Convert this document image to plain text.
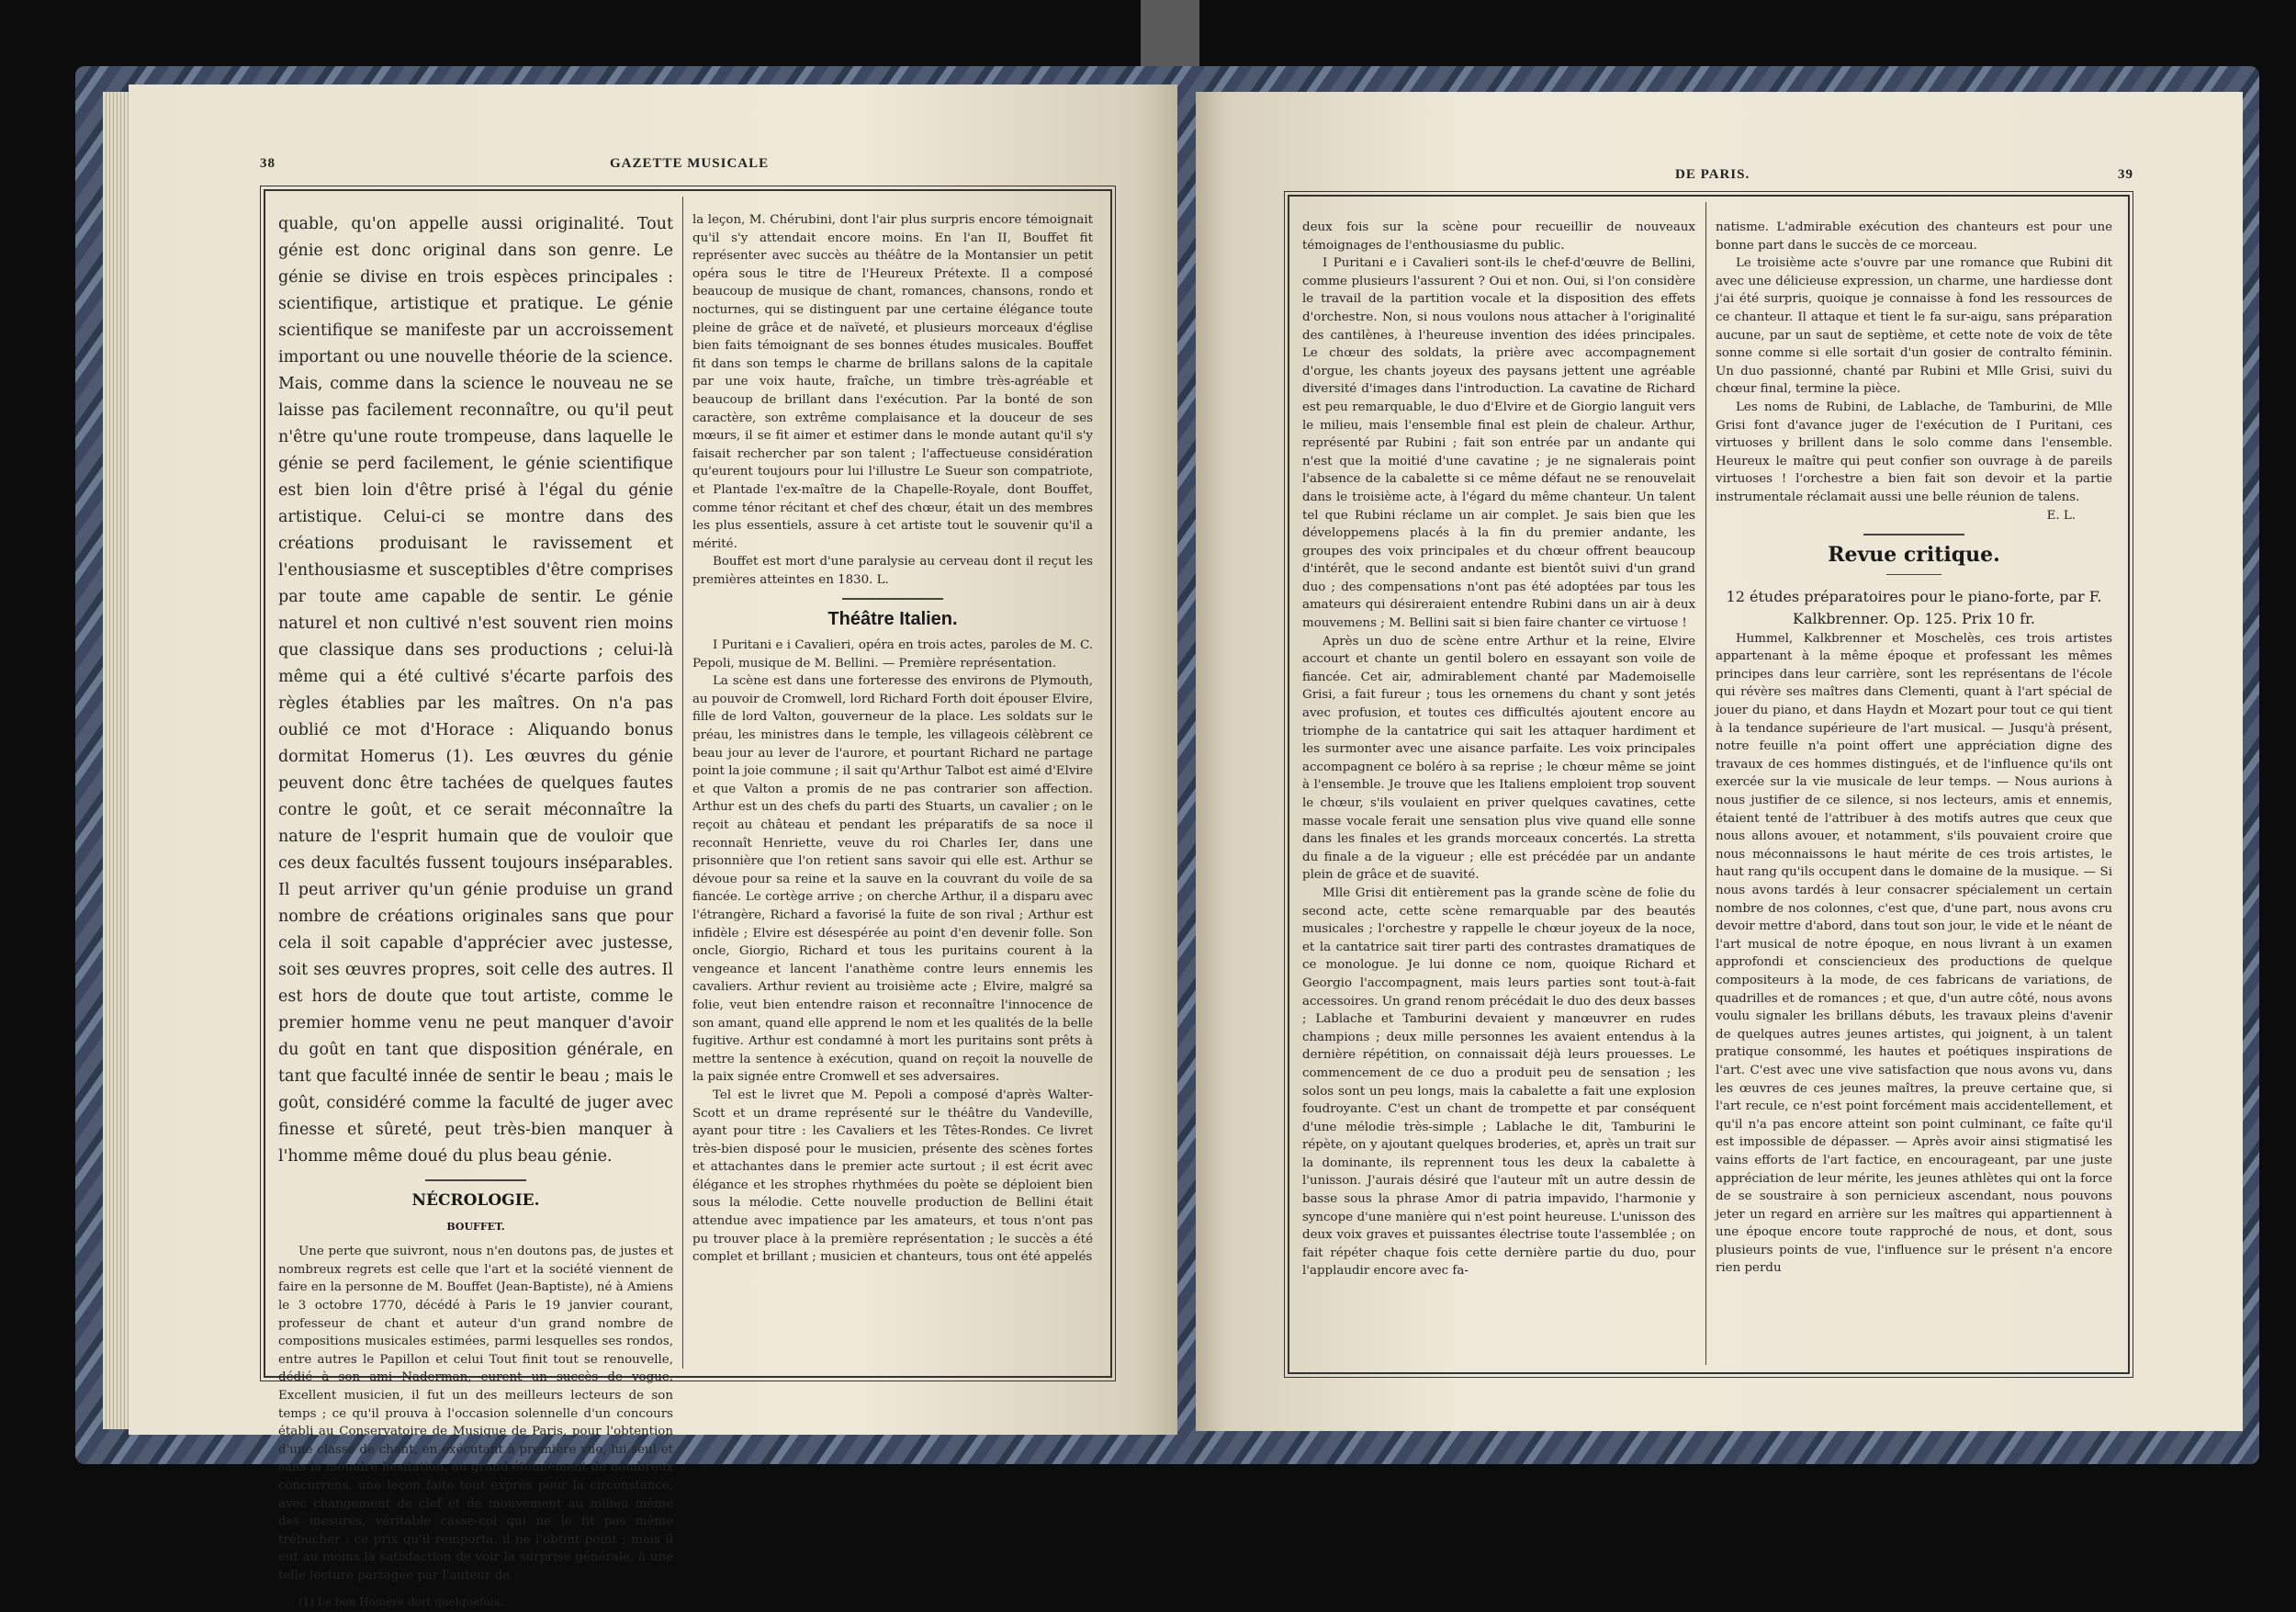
38	GAZETTE MUSICALE
quable, qu'on appelle aussi originalité. Tout génie est donc original dans son genre. Le génie se divise en trois espèces principales : scientifique, artistique et pratique. Le génie scientifique se manifeste par un accroissement important ou une nouvelle théorie de la science. Mais, comme dans la science le nouveau ne se laisse pas facilement reconnaître, ou qu'il peut n'être qu'une route trompeuse, dans laquelle le génie se perd facilement, le génie scientifique est bien loin d'être prisé à l'égal du génie artistique. Celui-ci se montre dans des créations produisant le ravissement et l'enthousiasme et susceptibles d'être comprises par toute ame capable de sentir. Le génie naturel et non cultivé n'est souvent rien moins que classique dans ses productions ; celui-là même qui a été cultivé s'écarte parfois des règles établies par les maîtres. On n'a pas oublié ce mot d'Horace : Aliquando bonus dormitat Homerus (1). Les œuvres du génie peuvent donc être tachées de quelques fautes contre le goût, et ce serait méconnaître la nature de l'esprit humain que de vouloir que ces deux facultés fussent toujours inséparables. Il peut arriver qu'un génie produise un grand nombre de créations originales sans que pour cela il soit capable d'apprécier avec justesse, soit ses œuvres propres, soit celle des autres. Il est hors de doute que tout artiste, comme le premier homme venu ne peut manquer d'avoir du goût en tant que disposition générale, en tant que faculté innée de sentir le beau ; mais le goût, considéré comme la faculté de juger avec finesse et sûreté, peut très-bien manquer à l'homme même doué du plus beau génie.
NÉCROLOGIE.
BOUFFET.

Une perte que suivront, nous n'en doutons pas, de justes et nombreux regrets est celle que l'art et la société viennent de faire en la personne de M. Bouffet (Jean-Baptiste), né à Amiens le 3 octobre 1770, décédé à Paris le 19 janvier courant, professeur de chant et auteur d'un grand nombre de compositions musicales estimées, parmi lesquelles ses rondos, entre autres le Papillon et celui Tout finit tout se renouvelle, dédié à son ami Naderman, eurent un succès de vogue. Excellent musicien, il fut un des meilleurs lecteurs de son temps ; ce qu'il prouva à l'occasion solennelle d'un concours établi au Conservatoire de Musique de Paris, pour l'obtention d'une classe de chant, en exécutant à première vue, lui seul et sans la moindre hésitation, au grand étonnement de nombreux concurrens, une leçon faite tout exprès pour la circonstance, avec changement de clef et de mouvement au milieu même des mesures, véritable casse-col qui ne le fit pas même trébucher : ce prix qu'il remporta, il ne l'obtint point ; mais il eut au moins la satisfaction de voir la surprise générale, à une telle lecture partagée par l'auteur de

(1) Le bon Homère dort quelquefois.

la leçon, M. Chérubini, dont l'air plus surpris encore témoignait qu'il s'y attendait encore moins. En l'an II, Bouffet fit représenter avec succès au théâtre de la Montansier un petit opéra sous le titre de l'Heureux Prétexte. Il a composé beaucoup de musique de chant, romances, chansons, rondo et nocturnes, qui se distinguent par une certaine élégance toute pleine de grâce et de naïveté, et plusieurs morceaux d'église bien faits témoignant de ses bonnes études musicales. Bouffet fit dans son temps le charme de brillans salons de la capitale par une voix haute, fraîche, un timbre très-agréable et beaucoup de brillant dans l'exécution. Par la bonté de son caractère, son extrême complaisance et la douceur de ses mœurs, il se fit aimer et estimer dans le monde autant qu'il s'y faisait rechercher par son talent ; l'affectueuse considération qu'eurent toujours pour lui l'illustre Le Sueur son compatriote, et Plantade l'ex-maître de la Chapelle-Royale, dont Bouffet, comme ténor récitant et chef des chœur, était un des membres les plus essentiels, assure à cet artiste tout le souvenir qu'il a mérité.

Bouffet est mort d'une paralysie au cerveau dont il reçut les premières atteintes en 1830. L.

Théâtre Italien.

I Puritani e i Cavalieri, opéra en trois actes, paroles de M. C. Pepoli, musique de M. Bellini. — Première représentation.

La scène est dans une forteresse des environs de Plymouth, au pouvoir de Cromwell, lord Richard Forth doit épouser Elvire, fille de lord Valton, gouverneur de la place. Les soldats sur le préau, les ministres dans le temple, les villageois célèbrent ce beau jour au lever de l'aurore, et pourtant Richard ne partage point la joie commune ; il sait qu'Arthur Talbot est aimé d'Elvire et que Valton a promis de ne pas contrarier son affection. Arthur est un des chefs du parti des Stuarts, un cavalier ; on le reçoit au château et pendant les préparatifs de sa noce il reconnaît Henriette, veuve du roi Charles Ier, dans une prisonnière que l'on retient sans savoir qui elle est. Arthur se dévoue pour sa reine et la sauve en la couvrant du voile de sa fiancée. Le cortège arrive ; on cherche Arthur, il a disparu avec l'étrangère, Richard a favorisé la fuite de son rival ; Arthur est infidèle ; Elvire est désespérée au point d'en devenir folle. Son oncle, Giorgio, Richard et tous les puritains courent à la vengeance et lancent l'anathème contre leurs ennemis les cavaliers. Arthur revient au troisième acte ; Elvire, malgré sa folie, veut bien entendre raison et reconnaître l'innocence de son amant, quand elle apprend le nom et les qualités de la belle fugitive. Arthur est condamné à mort les puritains sont prêts à mettre la sentence à exécution, quand on reçoit la nouvelle de la paix signée entre Cromwell et ses adversaires.

Tel est le livret que M. Pepoli a composé d'après Walter-Scott et un drame représenté sur le théâtre du Vandeville, ayant pour titre : les Cavaliers et les Têtes-Rondes. Ce livret très-bien disposé pour le musicien, présente des scènes fortes et attachantes dans le premier acte surtout ; il est écrit avec élégance et les strophes rhythmées du poète se déploient bien sous la mélodie. Cette nouvelle production de Bellini était attendue avec impatience par les amateurs, et tous n'ont pas pu trouver place à la première représentation ; le succès a été complet et brillant ; musicien et chanteurs, tous ont été appelés

DE PARIS.	39

deux fois sur la scène pour recueillir de nouveaux témoignages de l'enthousiasme du public.

I Puritani e i Cavalieri sont-ils le chef-d'œuvre de Bellini, comme plusieurs l'assurent ? Oui et non. Oui, si l'on considère le travail de la partition vocale et la disposition des effets d'orchestre. Non, si nous voulons nous attacher à l'originalité des cantilènes, à l'heureuse invention des idées principales. Le chœur des soldats, la prière avec accompagnement d'orgue, les chants joyeux des paysans jettent une agréable diversité d'images dans l'introduction. La cavatine de Richard est peu remarquable, le duo d'Elvire et de Giorgio languit vers le milieu, mais l'ensemble final est plein de chaleur. Arthur, représenté par Rubini ; fait son entrée par un andante qui n'est que la moitié d'une cavatine ; je ne signalerais point l'absence de la cabalette si ce même défaut ne se renouvelait dans le troisième acte, à l'égard du même chanteur. Un talent tel que Rubini réclame un air complet. Je sais bien que les développemens placés à la fin du premier andante, les groupes des voix principales et du chœur offrent beaucoup d'intérêt, que le second andante est bientôt suivi d'un grand duo ; des compensations n'ont pas été adoptées par tous les amateurs qui désireraient entendre Rubini dans un air à deux mouvemens ; M. Bellini sait si bien faire chanter ce virtuose !

Après un duo de scène entre Arthur et la reine, Elvire accourt et chante un gentil bolero en essayant son voile de fiancée. Cet air, admirablement chanté par Mademoiselle Grisi, a fait fureur ; tous les ornemens du chant y sont jetés avec profusion, et toutes ces difficultés ajoutent encore au triomphe de la cantatrice qui sait les attaquer hardiment et les surmonter avec une aisance parfaite. Les voix principales accompagnent ce boléro à sa reprise ; le chœur même se joint à l'ensemble. Je trouve que les Italiens emploient trop souvent le chœur, s'ils voulaient en priver quelques cavatines, cette masse vocale ferait une sensation plus vive quand elle sonne dans les finales et les grands morceaux concertés. La stretta du finale a de la vigueur ; elle est précédée par un andante plein de grâce et de suavité.

Mlle Grisi dit entièrement pas la grande scène de folie du second acte, cette scène remarquable par des beautés musicales ; l'orchestre y rappelle le chœur joyeux de la noce, et la cantatrice sait tirer parti des contrastes dramatiques de ce monologue. Je lui donne ce nom, quoique Richard et Georgio l'accompagnent, mais leurs parties sont tout-à-fait accessoires. Un grand renom précédait le duo des deux basses ; Lablache et Tamburini devaient y manœuvrer en rudes champions ; deux mille personnes les avaient entendus à la dernière répétition, on connaissait déjà leurs prouesses. Le commencement de ce duo a produit peu de sensation ; les solos sont un peu longs, mais la cabalette a fait une explosion foudroyante. C'est un chant de trompette et par conséquent d'une mélodie très-simple ; Lablache le dit, Tamburini le répète, on y ajoutant quelques broderies, et, après un trait sur la dominante, ils reprennent tous les deux la cabalette à l'unisson. J'aurais désiré que l'auteur mît un autre dessin de basse sous la phrase Amor di patria impavido, l'harmonie y syncope d'une manière qui n'est point heureuse. L'unisson des deux voix graves et puissantes électrise toute l'assemblée ; on fait répéter chaque fois cette dernière partie du duo, pour l'applaudir encore avec fa-

natisme. L'admirable exécution des chanteurs est pour une bonne part dans le succès de ce morceau.

Le troisième acte s'ouvre par une romance que Rubini dit avec une délicieuse expression, un charme, une hardiesse dont j'ai été surpris, quoique je connaisse à fond les ressources de ce chanteur. Il attaque et tient le fa sur-aigu, sans préparation aucune, par un saut de septième, et cette note de voix de tête sonne comme si elle sortait d'un gosier de contralto féminin. Un duo passionné, chanté par Rubini et Mlle Grisi, suivi du chœur final, termine la pièce.

Les noms de Rubini, de Lablache, de Tamburini, de Mlle Grisi font d'avance juger de l'exécution de I Puritani, ces virtuoses y brillent dans le solo comme dans l'ensemble. Heureux le maître qui peut confier son ouvrage à de pareils virtuoses ! l'orchestre a bien fait son devoir et la partie instrumentale réclamait aussi une belle réunion de talens.

E. L.
Revue critique.

12 études préparatoires pour le piano-forte, par F. Kalkbrenner. Op. 125. Prix 10 fr.

Hummel, Kalkbrenner et Moschelès, ces trois artistes appartenant à la même époque et professant les mêmes principes dans leur carrière, sont les représentans de l'école qui révère ses maîtres dans Clementi, quant à l'art spécial de jouer du piano, et dans Haydn et Mozart pour tout ce qui tient à la tendance supérieure de l'art musical. — Jusqu'à présent, notre feuille n'a point offert une appréciation digne des travaux de ces hommes distingués, et de l'influence qu'ils ont exercée sur la vie musicale de leur temps. — Nous aurions à nous justifier de ce silence, si nos lecteurs, amis et ennemis, étaient tenté de l'attribuer à des motifs autres que ceux que nous allons avouer, et notamment, s'ils pouvaient croire que nous méconnaissons le haut mérite de ces trois artistes, le haut rang qu'ils occupent dans le domaine de la musique. — Si nous avons tardés à leur consacrer spécialement un certain nombre de nos colonnes, c'est que, d'une part, nous avons cru devoir mettre d'abord, dans tout son jour, le vide et le néant de l'art musical de notre époque, en nous livrant à un examen approfondi et consciencieux des productions de quelque compositeurs à la mode, de ces fabricans de variations, de quadrilles et de romances ; et que, d'un autre côté, nous avons voulu signaler les brillans débuts, les travaux pleins d'avenir de quelques autres jeunes artistes, qui joignent, à un talent pratique consommé, les hautes et poétiques inspirations de l'art. C'est avec une vive satisfaction que nous avons vu, dans les œuvres de ces jeunes maîtres, la preuve certaine que, si l'art recule, ce n'est point forcément mais accidentellement, et qu'il n'a pas encore atteint son point culminant, ce faîte qu'il est impossible de dépasser. — Après avoir ainsi stigmatisé les vains efforts de l'art factice, en encourageant, par une juste appréciation de leur mérite, les jeunes athlètes qui ont la force de se soustraire à son pernicieux ascendant, nous pouvons jeter un regard en arrière sur les maîtres qui appartiennent à une époque encore toute rapproché de nous, et dont, sous plusieurs points de vue, l'influence sur le présent n'a encore rien perdu
